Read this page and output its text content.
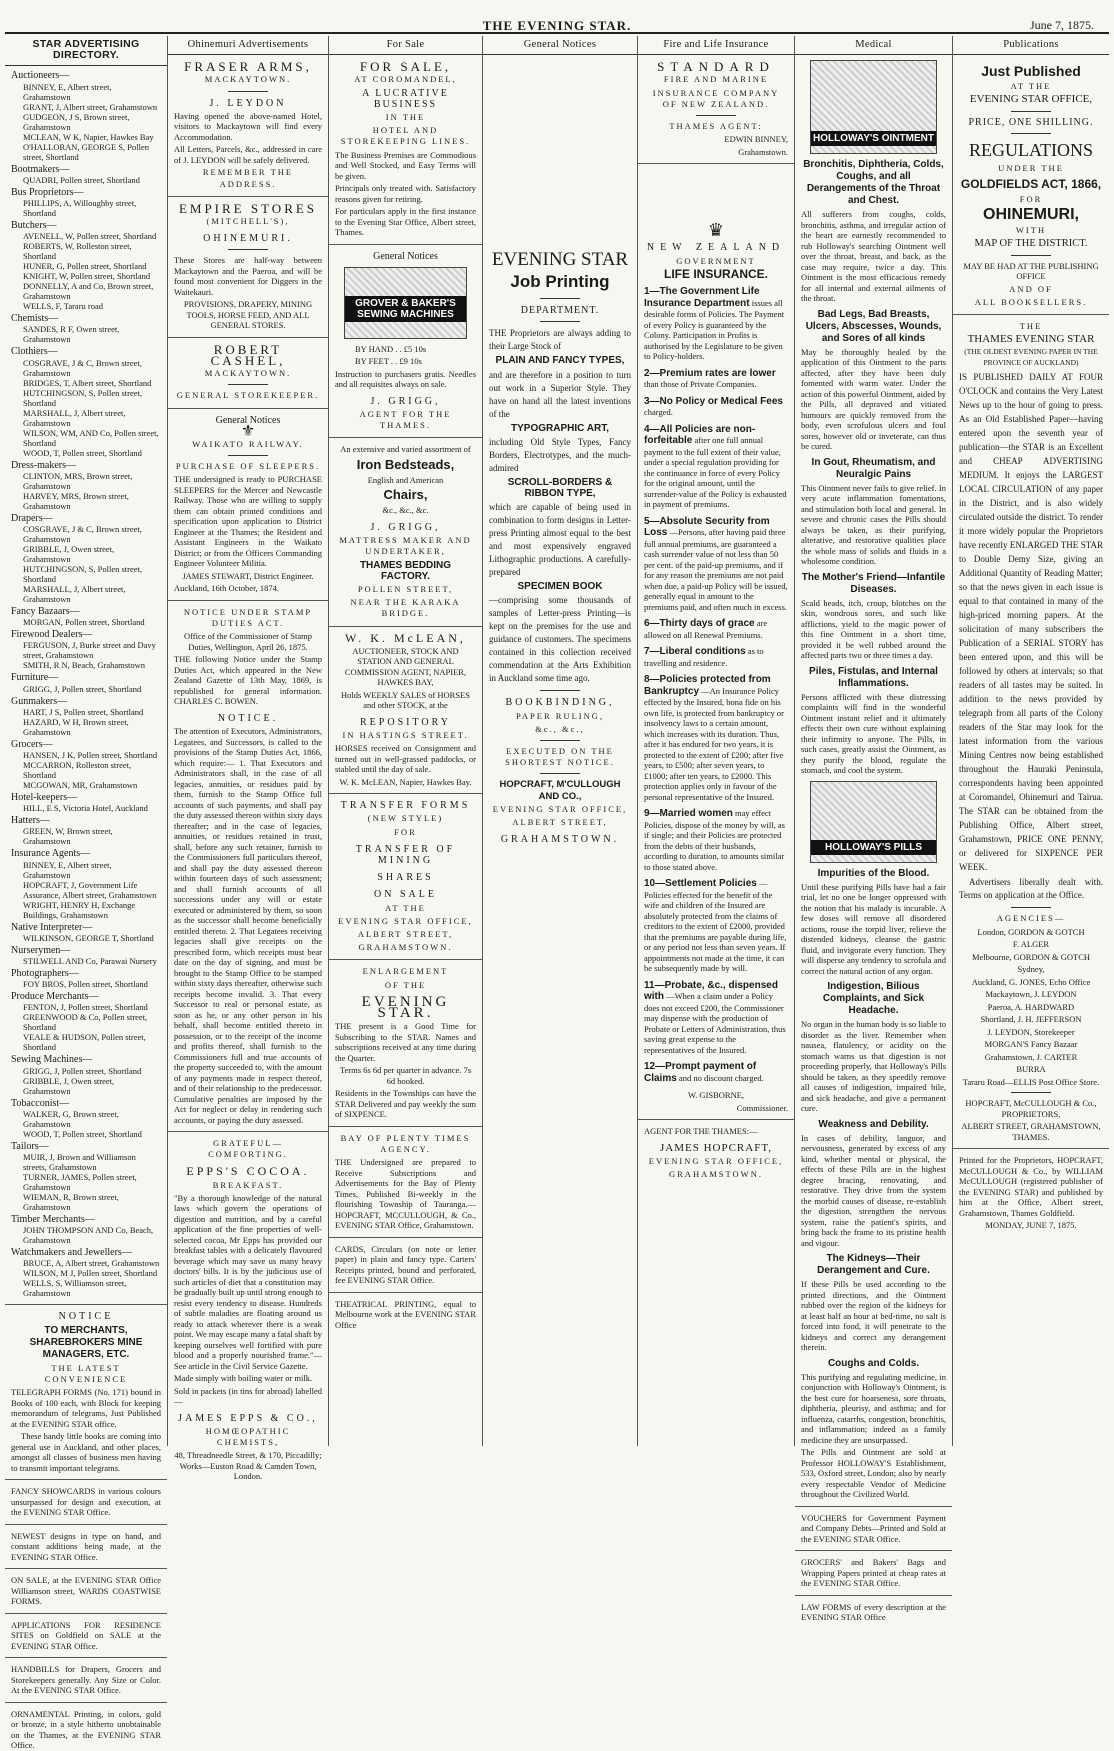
THE EVENING STAR.	June 7, 1875.
STAR ADVERTISING DIRECTORY.
Auctioneers—
BINNEY, E, Albert street, Grahamstown
GRANT, J, Albert street, Grahamstown
GUDGEON, J S, Brown street, Grahamstown
MCLEAN, W K, Napier, Hawkes Bay
O'HALLORAN, GEORGE S, Pollen street, Shortland
Bootmakers—
QUADRI, Pollen street, Shortland
Bus Proprietors—
PHILLIPS, A, Willoughby street, Shortland
Butchers—
AVENELL, W, Pollen street, Shortland
ROBERTS, W, Rolleston street, Shortland
HUNER, G, Pollen street, Shortland
KNIGHT, W, Pollen street, Shortland
DONNELLY, A and Co, Brown street, Grahamstown
WELLS, F, Tararu road
Chemists—
SANDES, R F, Owen street, Grahamstown
Clothiers—
COSGRAVE, J & C, Brown street, Grahamstown
BRIDGES, T, Albert street, Shortland
HUTCHINGSON, S, Pollen street, Shortland
MARSHALL, J, Albert street, Grahamstown
WILSON, WM, AND Co, Pollen street, Shortland
WOOD, T, Pollen street, Shortland
Dress-makers—
CLINTON, MRS, Brown street, Grahamstown
HARVEY, MRS, Brown street, Grahamstown
Drapers—
COSGRAVE, J & C, Brown street, Grahamstown
GRIBBLE, J, Owen street, Grahamstown
HUTCHINGSON, S, Pollen street, Shortland
MARSHALL, J, Albert street, Grahamstown
Fancy Bazaars—
MORGAN, Pollen street, Shortland
Firewood Dealers—
FERGUSON, J, Burke street and Davy street, Grahamstown
SMITH, R N, Beach, Grahamstown
Furniture—
GRIGG, J, Pollen street, Shortland
Gunmakers—
HART, J S, Pollen street, Shortland
HAZARD, W H, Brown street, Grahamstown
Grocers—
HANSEN, J K, Pollen street, Shortland
MCCARRON, Rolleston street, Shortland
MCGOWAN, MR, Grahamstown
Hotel-keepers—
HILL, E S, Victoria Hotel, Auckland
Hatters—
GREEN, W, Brown street, Grahamstown
Insurance Agents—
BINNEY, E, Albert street, Grahamstown
HOPCRAFT, J, Government Life Assurance, Albert street, Grahamstown
WRIGHT, HENRY H, Exchange Buildings, Grahamstown
Native Interpreter—
WILKINSON, GEORGE T, Shortland
Nurserymen—
STILWELL AND Co, Parawai Nursery
Photographers—
FOY BROS, Pollen street, Shortland
Produce Merchants—
FENTON, J, Pollen street, Shortland
GREENWOOD & Co, Pollen street, Shortland
VEALE & HUDSON, Pollen street, Shortland
Sewing Machines—
GRIGG, J, Pollen street, Shortland
GRIBBLE, J, Owen street, Grahamstown
Tobacconist—
WALKER, G, Brown street, Grahamstown
WOOD, T, Pollen street, Shortland
Tailors—
MUIR, J, Brown and Williamson streets, Grahamstown
TURNER, JAMES, Pollen street, Grahamstown
WIEMAN, R, Brown street, Grahamstown
Timber Merchants—
JOHN THOMPSON AND Co, Beach, Grahamstown
Watchmakers and Jewellers—
BRUCE, A, Albert street, Grahamstown
WILSON, M J, Pollen street, Shortland
WELLS, S, Williamson street, Grahamstown
NOTICE
TO MERCHANTS, SHAREBROKERS MINE MANAGERS, ETC.
THE LATEST CONVENIENCE
TELEGRAPH FORMS (No. 171) bound in Books of 100 each, with Block for keeping memorandum of telegrams, Just Published at the EVENING STAR office.
These handy little books are coming into general use in Auckland, and other places, amongst all classes of business men having to transmit important telegrams.
FANCY SHOWCARDS in various colours unsurpassed for design and execution, at the EVENING STAR Office.
NEWEST designs in type on hand, and constant additions being made, at the EVENING STAR Office.
ON SALE, at the EVENING STAR Office Williamson street, WARDS COASTWISE FORMS.
APPLICATIONS FOR RESIDENCE SITES on Goldfield on SALE at the EVENING STAR Office.
HANDBILLS for Drapers, Grocers and Storekeepers generally. Any Size or Color. At the EVENING STAR Office.
ORNAMENTAL Printing, in colors, gold or bronze, in a style hitherto unobtainable on the Thames, at the EVENING STAR Office.
Ohinemuri Advertisements
FRASER ARMS,
MACKAYTOWN.
J. LEYDON
Having opened the above-named Hotel, visitors to Mackaytown will find every Accommodation.
All Letters, Parcels, &c., addressed in care of J. LEYDON will be safely delivered.
REMEMBER THE ADDRESS.
EMPIRE STORES
(MITCHELL'S),
OHINEMURI.
These Stores are half-way between Mackaytown and the Paeroa, and will be found most convenient for Diggers in the Waitekauri.
PROVISIONS, DRAPERY, MINING TOOLS, HORSE FEED, AND ALL GENERAL STORES.
ROBERT CASHEL,
MACKAYTOWN.
GENERAL STOREKEEPER.
General Notices
⚜
WAIKATO RAILWAY.
PURCHASE OF SLEEPERS.
THE undersigned is ready to PURCHASE SLEEPERS for the Mercer and Newcastle Railway. Those who are willing to supply them can obtain printed conditions and specification upon application to District Engineer at the Thames; the Resident and Assistant Engineers in the Waikato District; or from the Officers Commanding Engineer Volunteer Militia.
JAMES STEWART, District Engineer.
Auckland, 16th October, 1874.
NOTICE UNDER STAMP DUTIES ACT.
Office of the Commissioner of Stamp Duties, Wellington, April 26, 1875.
THE following Notice under the Stamp Duties Act, which appeared in the New Zealand Gazette of 13th May, 1869, is republished for general information. CHARLES C. BOWEN.
NOTICE.
The attention of Executors, Administrators, Legatees, and Successors, is called to the provisions of the Stamp Duties Act, 1866, which require:— 1. That Executors and Administrators shall, in the case of all legacies, annuities, or residues paid by them, furnish to the Stamp Office full accounts of such payments, and shall pay the duty assessed thereon within sixty days thereafter; and in the case of legacies, annuities, or residues retained in trust, shall, before any such retainer, furnish to the Commissioners full particulars thereof, and shall pay the duty assessed thereon within fourteen days of such assessment; and shall furnish accounts of all successions under any will or estate executed or administered by them, so soon as the successor shall become beneficially entitled thereto. 2. That Legatees receiving legacies shall give receipts on the prescribed form, which receipts must bear date on the day of signing, and must be brought to the Stamp Office to be stamped within sixty days thereafter, otherwise such receipts become invalid. 3. That every Successor to real or personal estate, as soon as he, or any other person in his behalf, shall become entitled thereto in possession, or to the receipt of the income and profits thereof, shall furnish to the Commissioners full and true accounts of the property succeeded to, with the amount of any payments made in respect thereof, and of their relationship to the predecessor. Cumulative penalties are imposed by the Act for neglect or delay in rendering such accounts, or paying the duty assessed.
GRATEFUL—COMFORTING.
EPPS'S COCOA.
BREAKFAST.
"By a thorough knowledge of the natural laws which govern the operations of digestion and nutrition, and by a careful application of the fine properties of well-selected cocoa, Mr Epps has provided our breakfast tables with a delicately flavoured beverage which may save us many heavy doctors' bills. It is by the judicious use of such articles of diet that a constitution may be gradually built up until strong enough to resist every tendency to disease. Hundreds of subtle maladies are floating around us ready to attack wherever there is a weak point. We may escape many a fatal shaft by keeping ourselves well fortified with pure blood and a properly nourished frame."—See article in the Civil Service Gazette.
Made simply with boiling water or milk.
Sold in packets (in tins for abroad) labelled—
JAMES EPPS & CO.,
HOMŒOPATHIC CHEMISTS,
48, Threadneedle Street, & 170, Piccadilly; Works—Euston Road & Camden Town, London.
For Sale
FOR SALE,
AT COROMANDEL,
A LUCRATIVE BUSINESS
IN THE
HOTEL AND STOREKEEPING LINES.
The Business Premises are Commodious and Well Stocked, and Easy Terms will be given.
Principals only treated with. Satisfactory reasons given for retiring.
For particulars apply in the first instance to the Evening Star Office, Albert street, Thames.
General Notices
GROVER & BAKER'S SEWING MACHINES
BY HAND . . £5 10s
BY FEET . . £9 10s
Instruction to purchasers gratis. Needles and all requisites always on sale.
J. GRIGG,
AGENT FOR THE THAMES.
An extensive and varied assortment of
Iron Bedsteads,
English and American
Chairs,
&c., &c., &c.
J. GRIGG,
MATTRESS MAKER AND UNDERTAKER,
THAMES BEDDING FACTORY.
POLLEN STREET,
NEAR THE KARAKA BRIDGE.
W. K. McLEAN,
AUCTIONEER, STOCK AND STATION AND GENERAL COMMISSION AGENT, NAPIER, HAWKES BAY,
Holds WEEKLY SALES of HORSES and other STOCK, at the
REPOSITORY
IN HASTINGS STREET.
HORSES received on Consignment and turned out in well-grassed paddocks, or stabled until the day of sale.
W. K. McLEAN, Napier, Hawkes Bay.
TRANSFER FORMS
(NEW STYLE)
FOR
TRANSFER OF MINING
SHARES
ON SALE
AT THE
EVENING STAR OFFICE,
ALBERT STREET,
GRAHAMSTOWN.
ENLARGEMENT
OF THE
EVENING STAR.
THE present is a Good Time for Subscribing to the STAR. Names and subscriptions received at any time during the Quarter.
Terms 6s 6d per quarter in advance. 7s 6d booked.
Residents in the Townships can have the STAR Delivered and pay weekly the sum of SIXPENCE.
BAY OF PLENTY TIMES AGENCY.
THE Undersigned are prepared to Receive Subscriptions and Advertisements for the Bay of Plenty Times, Published Bi-weekly in the flourishing Township of Tauranga.—HOPCRAFT, MCCULLOUGH, & Co., EVENING STAR Office, Grahamstown.
CARDS, Circulars (on note or letter paper) in plain and fancy type. Carters' Receipts printed, bound and perforated, fee EVENING STAR Office.
THEATRICAL PRINTING, equal to Melbourne work at the EVENING STAR Office
General Notices
EVENING STAR
Job Printing
DEPARTMENT.
THE Proprietors are always adding to their Large Stock of
PLAIN AND FANCY TYPES,
and are therefore in a position to turn out work in a Superior Style. They have on hand all the latest inventions of the
TYPOGRAPHIC ART,
including Old Style Types, Fancy Borders, Electrotypes, and the much-admired
SCROLL-BORDERS & RIBBON TYPE,
which are capable of being used in combination to form designs in Letter-press Printing almost equal to the best and most expensively engraved Lithographic productions. A carefully-prepared
SPECIMEN BOOK
—comprising some thousands of samples of Letter-press Printing—is kept on the premises for the use and guidance of customers. The specimens contained in this collection received commendation at the Arts Exhibition in Auckland some time ago.
BOOKBINDING,
PAPER RULING,
&c., &c.,
EXECUTED ON THE SHORTEST NOTICE.
HOPCRAFT, M'CULLOUGH AND CO.,
EVENING STAR OFFICE,
ALBERT STREET,
GRAHAMSTOWN.
Fire and Life Insurance
STANDARD
FIRE AND MARINE
INSURANCE COMPANY OF NEW ZEALAND.
THAMES AGENT:
EDWIN BINNEY,
Grahamstown.
♛
NEW ZEALAND
GOVERNMENT
LIFE INSURANCE.
1—The Government Life Insurance Department issues all desirable forms of Policies. The Payment of every Policy is guaranteed by the Colony. Participation in Profits is authorised by the Legislature to be given to Policy-holders.
2—Premium rates are lower than those of Private Companies.
3—No Policy or Medical Fees charged.
4—All Policies are non-forfeitable after one full annual payment to the full extent of their value, under a special regulation providing for the continuance in force of every Policy for the original amount, until the surrender-value of the Policy is exhausted in payment of premiums.
5—Absolute Security from Loss —Persons, after having paid three full annual premiums, are guaranteed a cash surrender value of not less than 50 per cent. of the paid-up premiums, and if for any reason the premiums are not paid when due, a paid-up Policy will be issued, generally equal in amount to the premiums paid, and often much in excess.
6—Thirty days of grace are allowed on all Renewal Premiums.
7—Liberal conditions as to travelling and residence.
8—Policies protected from Bankruptcy —An Insurance Policy effected by the Insured, bona fide on his own life, is protected from bankruptcy or insolvency laws to a certain amount, which increases with its duration. Thus, after it has endured for two years, it is protected to the extent of £200; after five years, to £500; after seven years, to £1000; after ten years, to £2000. This protection applies only in favour of the personal representative of the Insured.
9—Married women may effect Policies, dispose of the money by will, as if single; and their Policies are protected from the debts of their husbands, according to duration, to amounts similar to those stated above.
10—Settlement Policies —Policies effected for the benefit of the wife and children of the Insured are absolutely protected from the claims of creditors to the extent of £2000, provided that the premiums are payable during life, or any period not less than seven years. If appointments not made at the time, it can be subsequently made by will.
11—Probate, &c., dispensed with —When a claim under a Policy does not exceed £200, the Commissioner may dispense with the production of Probate or Letters of Administration, thus saving great expense to the representatives of the Insured.
12—Prompt payment of Claims and no discount charged.
W. GISBORNE,
Commissioner.
AGENT FOR THE THAMES:—
JAMES HOPCRAFT,
EVENING STAR OFFICE,
GRAHAMSTOWN.
Medical
HOLLOWAY'S OINTMENT
Bronchitis, Diphtheria, Colds, Coughs, and all Derangements of the Throat and Chest.
All sufferers from coughs, colds, bronchitis, asthma, and irregular action of the heart are earnestly recommended to rub Holloway's searching Ointment well over the throat, breast, and back, as the case may require, twice a day. This Ointment is the most efficacious remedy for all internal and external ailments of the throat.
Bad Legs, Bad Breasts, Ulcers, Abscesses, Wounds, and Sores of all kinds
May be thoroughly healed by the application of this Ointment to the parts affected, after they have been duly fomented with warm water. Under the action of this powerful Ointment, aided by the Pills, all depraved and vitiated humours are quickly removed from the body, even scrofulous ulcers and foul sores, however old or inveterate, can thus be cured.
In Gout, Rheumatism, and Neuralgic Pains
This Ointment never fails to give relief. In very acute inflammation fomentations, and stimulation both local and general. In severe and chronic cases the Pills should always be taken, as their purifying, alterative, and restorative qualities place the whole mass of solids and fluids in a wholesome condition.
The Mother's Friend—Infantile Diseases.
Scald heads, itch, croup, blotches on the skin, wondrous sores, and such like afflictions, yield to the magic power of this fine Ointment in a short time, provided it be well rubbed around the affected parts two or three times a day.
Piles, Fistulas, and Internal Inflammations.
Persons afflicted with these distressing complaints will find in the wonderful Ointment instant relief and it ultimately effects their own cure without explaining their infirmity to anyone. The Pills, in such cases, greatly assist the Ointment, as they purify the blood, regulate the stomach, and cool the system.
HOLLOWAY'S PILLS
Impurities of the Blood.
Until these purifying Pills have had a fair trial, let no one be longer oppressed with the notion that his malady is incurable. A few doses will remove all disordered actions, rouse the torpid liver, relieve the distended kidneys, cleanse the gastric fluid, and invigorate every function. They will disperse any tendency to scrofula and correct the natural action of any organ.
Indigestion, Bilious Complaints, and Sick Headache.
No organ in the human body is so liable to disorder as the liver. Remember when nausea, flatulency, or acidity on the stomach warns us that digestion is not proceeding properly, that Holloway's Pills should be taken, as they speedily remove all causes of indigestion, impaired bile, and sick headache, and give a permanent cure.
Weakness and Debility.
In cases of debility, languor, and nervousness, generated by excess of any kind, whether mental or physical, the effects of these Pills are in the highest degree bracing, renovating, and restorative. They drive from the system the morbid causes of disease, re-establish the digestion, strengthen the nervous system, raise the patient's spirits, and bring back the frame to its pristine health and vigour.
The Kidneys—Their Derangement and Cure.
If these Pills be used according to the printed directions, and the Ointment rubbed over the region of the kidneys for at least half an hour at bed-time, no salt is forced into food, it will penetrate to the kidneys and correct any derangement therein.
Coughs and Colds.
This purifying and regulating medicine, in conjunction with Holloway's Ointment, is the best cure for hoarseness, sore throats, diphtheria, pleurisy, and asthma; and for influenza, catarrhs, congestion, bronchitis, and inflammation; indeed as a family medicine they are unsurpassed.
The Pills and Ointment are sold at Professor HOLLOWAY'S Establishment, 533, Oxford street, London; also by nearly every respectable Vendor of Medicine throughout the Civilized World.
VOUCHERS for Government Payment and Company Debts—Printed and Sold at the EVENING STAR Office.
GROCERS' and Bakers' Bags and Wrapping Papers printed at cheap rates at the EVENING STAR Office.
LAW FORMS of every description at the EVENING STAR Office
Publications
Just Published
AT THE
EVENING STAR OFFICE,
PRICE, ONE SHILLING.
REGULATIONS
UNDER THE
GOLDFIELDS ACT, 1866,
FOR
OHINEMURI,
WITH
MAP OF THE DISTRICT.
MAY BE HAD AT THE PUBLISHING OFFICE
AND OF
ALL BOOKSELLERS.
THE
THAMES EVENING STAR
(THE OLDEST EVENING PAPER IN THE PROVINCE OF AUCKLAND)
IS PUBLISHED DAILY AT FOUR O'CLOCK and contains the Very Latest News up to the hour of going to press. As an Old Established Paper—having entered upon the seventh year of publication—the STAR is an Excellent and CHEAP ADVERTISING MEDIUM. It enjoys the LARGEST LOCAL CIRCULATION of any paper in the District, and is also widely circulated outside the district. To render it more widely popular the Proprietors have recently ENLARGED THE STAR to Double Demy Size, giving an Additional Quantity of Reading Matter; so that the news given in each issue is equal to that contained in many of the high-priced morning papers. At the solicitation of many subscribers the Publication of a SERIAL STORY has been entered upon, and this will be followed by others at intervals; so that readers of all tastes may be suited. In addition to the news provided by telegraph from all parts of the Colony readers of the Star may look for the latest information from the various Mining Centres now being established throughout the Hauraki Peninsula, correspondents having been appointed at Coromandel, Ohinemuri and Tairua. The STAR can be obtained from the Publishing Office, Albert street, Grahamstown, PRICE ONE PENNY, or delivered for SIXPENCE PER WEEK.
Advertisers liberally dealt with. Terms on application at the Office.
AGENCIES—
London, GORDON & GOTCH
F. ALGER
Melbourne, GORDON & GOTCH
Sydney,
Auckland, G. JONES, Echo Office
Mackaytown, J. LEYDON
Paeroa, A. HARDWARD
Shortland, J. H. JEFFERSON
J. LEYDON, Storekeeper
MORGAN'S Fancy Bazaar
Grahamstown, J. CARTER
BURRA
Tararu Road—ELLIS Post Office Store.
HOPCRAFT, McCULLOUGH & Co., PROPRIETORS,
ALBERT STREET, GRAHAMSTOWN, THAMES.
Printed for the Proprietors, HOPCRAFT, McCULLOUGH & Co., by WILLIAM McCULLOUGH (registered publisher of the EVENING STAR) and published by him at the Office, Albert street, Grahamstown, Thames Goldfield.
MONDAY, JUNE 7, 1875.
